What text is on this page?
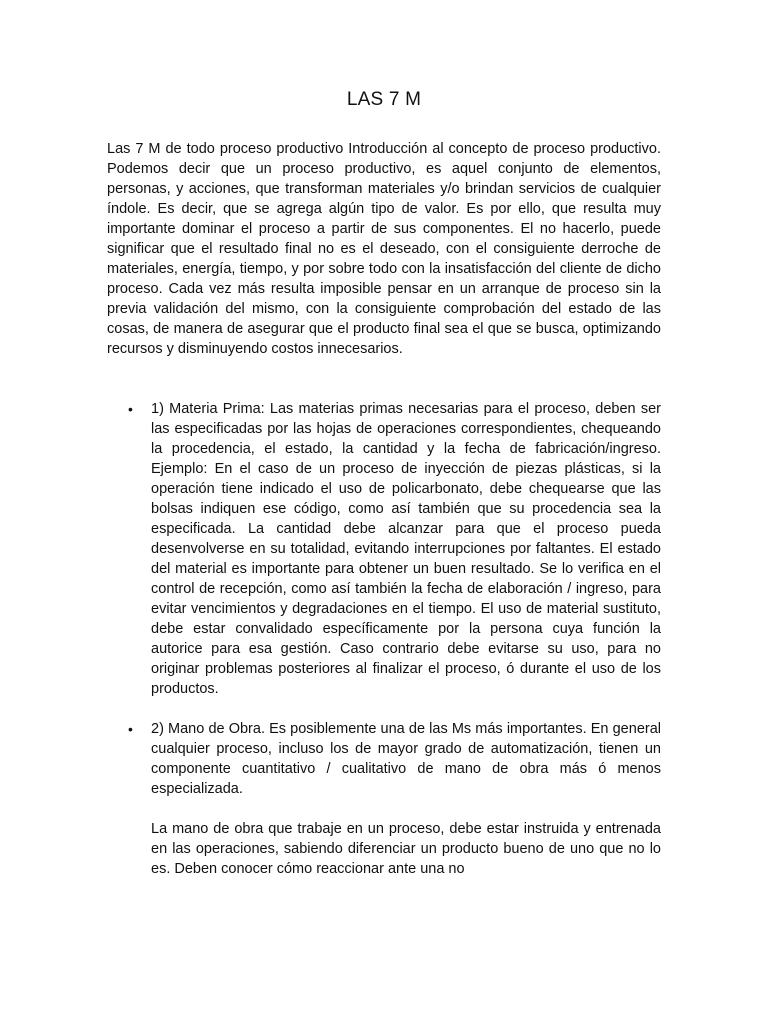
LAS 7 M

Las 7 M de todo proceso productivo Introducción al concepto de proceso productivo. Podemos decir que un proceso productivo, es aquel conjunto de elementos, personas, y acciones, que transforman materiales y/o brindan servicios de cualquier índole. Es decir, que se agrega algún tipo de valor. Es por ello, que resulta muy importante dominar el proceso a partir de sus componentes. El no hacerlo, puede significar que el resultado final no es el deseado, con el consiguiente derroche de materiales, energía, tiempo, y por sobre todo con la insatisfacción del cliente de dicho proceso. Cada vez más resulta imposible pensar en un arranque de proceso sin la previa validación del mismo, con la consiguiente comprobación del estado de las cosas, de manera de asegurar que el producto final sea el que se busca, optimizando recursos y disminuyendo costos innecesarios.

• 1) Materia Prima: Las materias primas necesarias para el proceso, deben ser las especificadas por las hojas de operaciones correspondientes, chequeando la procedencia, el estado, la cantidad y la fecha de fabricación/ingreso. Ejemplo: En el caso de un proceso de inyección de piezas plásticas, si la operación tiene indicado el uso de policarbonato, debe chequearse que las bolsas indiquen ese código, como así también que su procedencia sea la especificada. La cantidad debe alcanzar para que el proceso pueda desenvolverse en su totalidad, evitando interrupciones por faltantes. El estado del material es importante para obtener un buen resultado. Se lo verifica en el control de recepción, como así también la fecha de elaboración / ingreso, para evitar vencimientos y degradaciones en el tiempo. El uso de material sustituto, debe estar convalidado específicamente por la persona cuya función la autorice para esa gestión. Caso contrario debe evitarse su uso, para no originar problemas posteriores al finalizar el proceso, ó durante el uso de los productos.

• 2) Mano de Obra. Es posiblemente una de las Ms más importantes. En general cualquier proceso, incluso los de mayor grado de automatización, tienen un componente cuantitativo / cualitativo de mano de obra más ó menos especializada.

La mano de obra que trabaje en un proceso, debe estar instruida y entrenada en las operaciones, sabiendo diferenciar un producto bueno de uno que no lo es. Deben conocer cómo reaccionar ante una no
